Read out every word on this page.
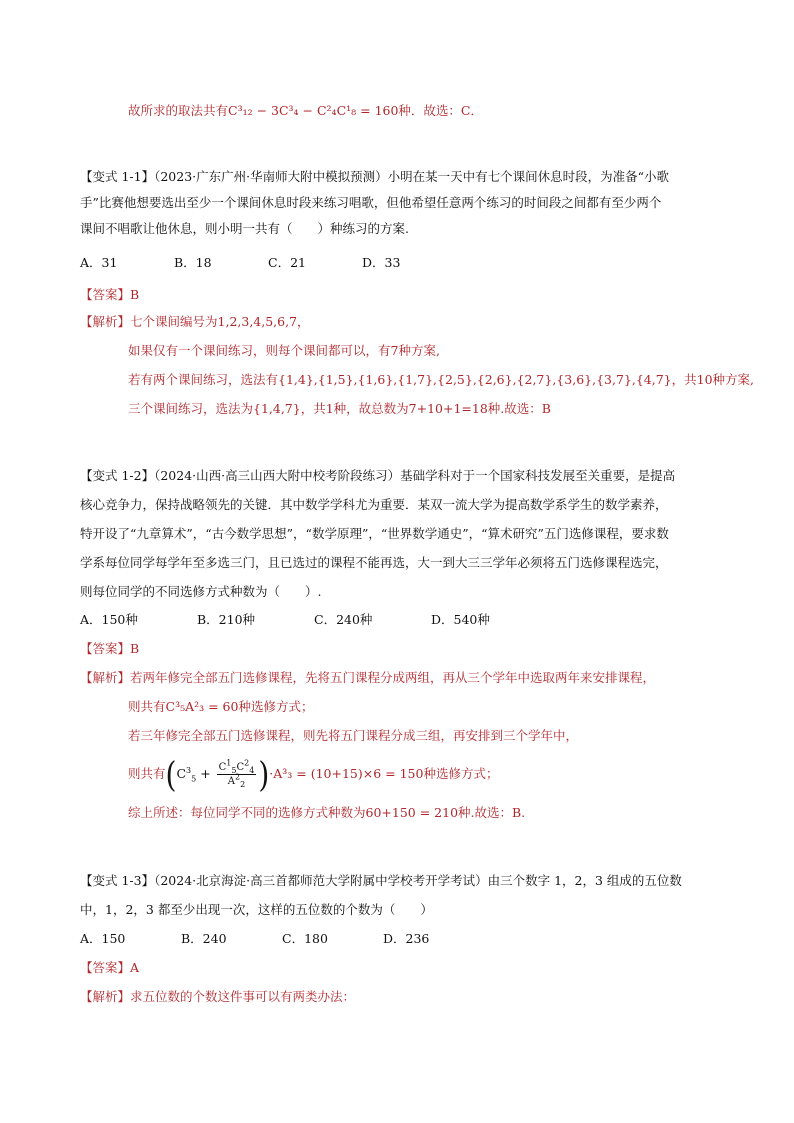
故所求的取法共有C³₁₂ − 3C³₄ − C²₄C¹₈ = 160种．故选：C．
【变式 1-1】（2023·广东广州·华南师大附中模拟预测）小明在某一天中有七个课间休息时段，为准备“小歌
手”比赛他想要选出至少一个课间休息时段来练习唱歌，但他希望任意两个练习的时间段之间都有至少两个
课间不唱歌让他休息，则小明一共有（　　）种练习的方案.
A．31	B．18	C．21	D．33
【答案】B
【解析】七个课间编号为1,2,3,4,5,6,7，
如果仅有一个课间练习，则每个课间都可以，有7种方案,
若有两个课间练习，选法有{1,4},{1,5},{1,6},{1,7},{2,5},{2,6},{2,7},{3,6},{3,7},{4,7}，共10种方案,
三个课间练习，选法为{1,4,7}，共1种，故总数为7+10+1=18种.故选：B
【变式 1-2】（2024·山西·高三山西大附中校考阶段练习）基础学科对于一个国家科技发展至关重要，是提高
核心竞争力，保持战略领先的关键．其中数学学科尤为重要．某双一流大学为提高数学系学生的数学素养，
特开设了“九章算术”，“古今数学思想”，“数学原理”，“世界数学通史”，“算术研究”五门选修课程，要求数
学系每位同学每学年至多选三门，且已选过的课程不能再选，大一到大三三学年必须将五门选修课程选完，
则每位同学的不同选修方式种数为（　　）.
A．150种	B．210种	C．240种	D．540种
【答案】B
【解析】若两年修完全部五门选修课程，先将五门课程分成两组，再从三个学年中选取两年来安排课程，
则共有C³₅A²₃ = 60种选修方式；
若三年修完全部五门选修课程，则先将五门课程分成三组，再安排到三个学年中，
则共有$(C^3_5 + \frac{C^1_5C^2_4}{A^2_2} )\cdot A^3_3 = (10+15)\times 6 = 150$种选修方式；
综上所述：每位同学不同的选修方式种数为60+150 = 210种.故选：B.
【变式 1-3】（2024·北京海淀·高三首都师范大学附属中学校考开学考试）由三个数字 1，2，3 组成的五位数
中，1，2，3 都至少出现一次，这样的五位数的个数为（　　）
A．150	B．240	C．180	D．236
【答案】A
【解析】求五位数的个数这件事可以有两类办法：
